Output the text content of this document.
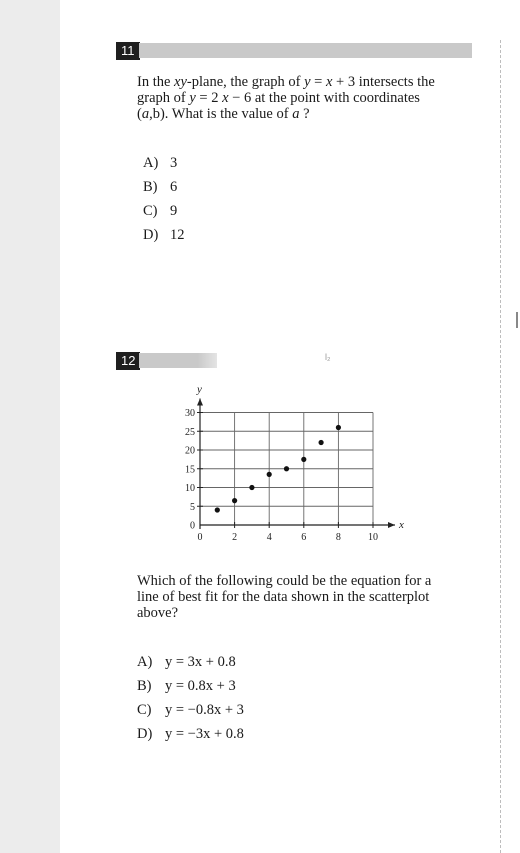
11
In the xy-plane, the graph of y = x + 3 intersects the
graph of y = 2 x − 6 at the point with coordinates
(a,b). What is the value of a ?
A) 3
B) 6
C) 9
D) 12
12	l₂
0	2	4	6	8	10
0
5
10
15
20
25
30
x
y
Which of the following could be the equation for a
line of best fit for the data shown in the scatterplot
above?
A) y = 3x + 0.8
B) y = 0.8x + 3
C) y = −0.8x + 3
D) y = −3x + 0.8
